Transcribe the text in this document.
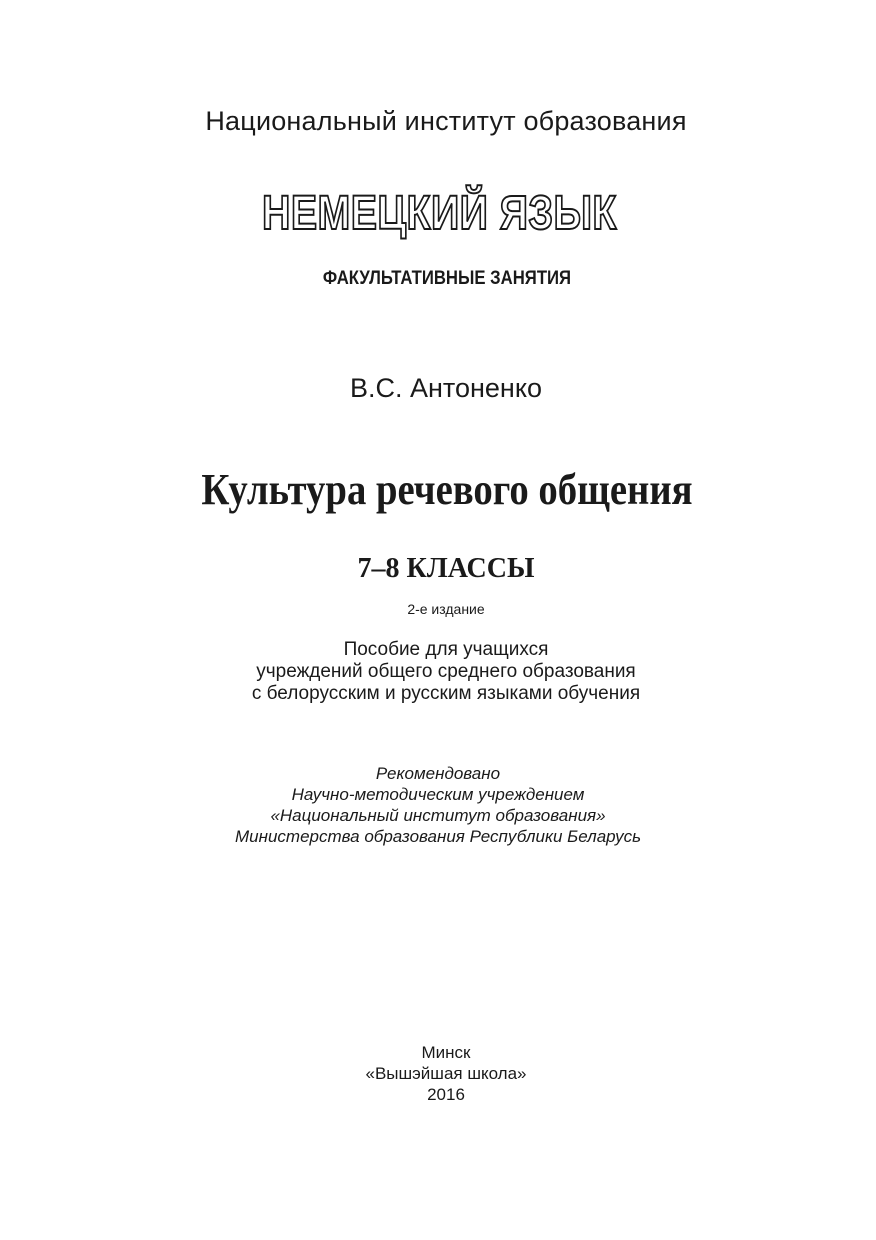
Национальный институт образования
НЕМЕЦКИЙ ЯЗЫК
ФАКУЛЬТАТИВНЫЕ ЗАНЯТИЯ
В.С. Антоненко
Культура речевого общения
7–8 КЛАССЫ
2-е издание
Пособие для учащихся
учреждений общего среднего образования
с белорусским и русским языками обучения
Рекомендовано
Научно-методическим учреждением
«Национальный институт образования»
Министерства образования Республики Беларусь
Минск
«Вышэйшая школа»
2016
